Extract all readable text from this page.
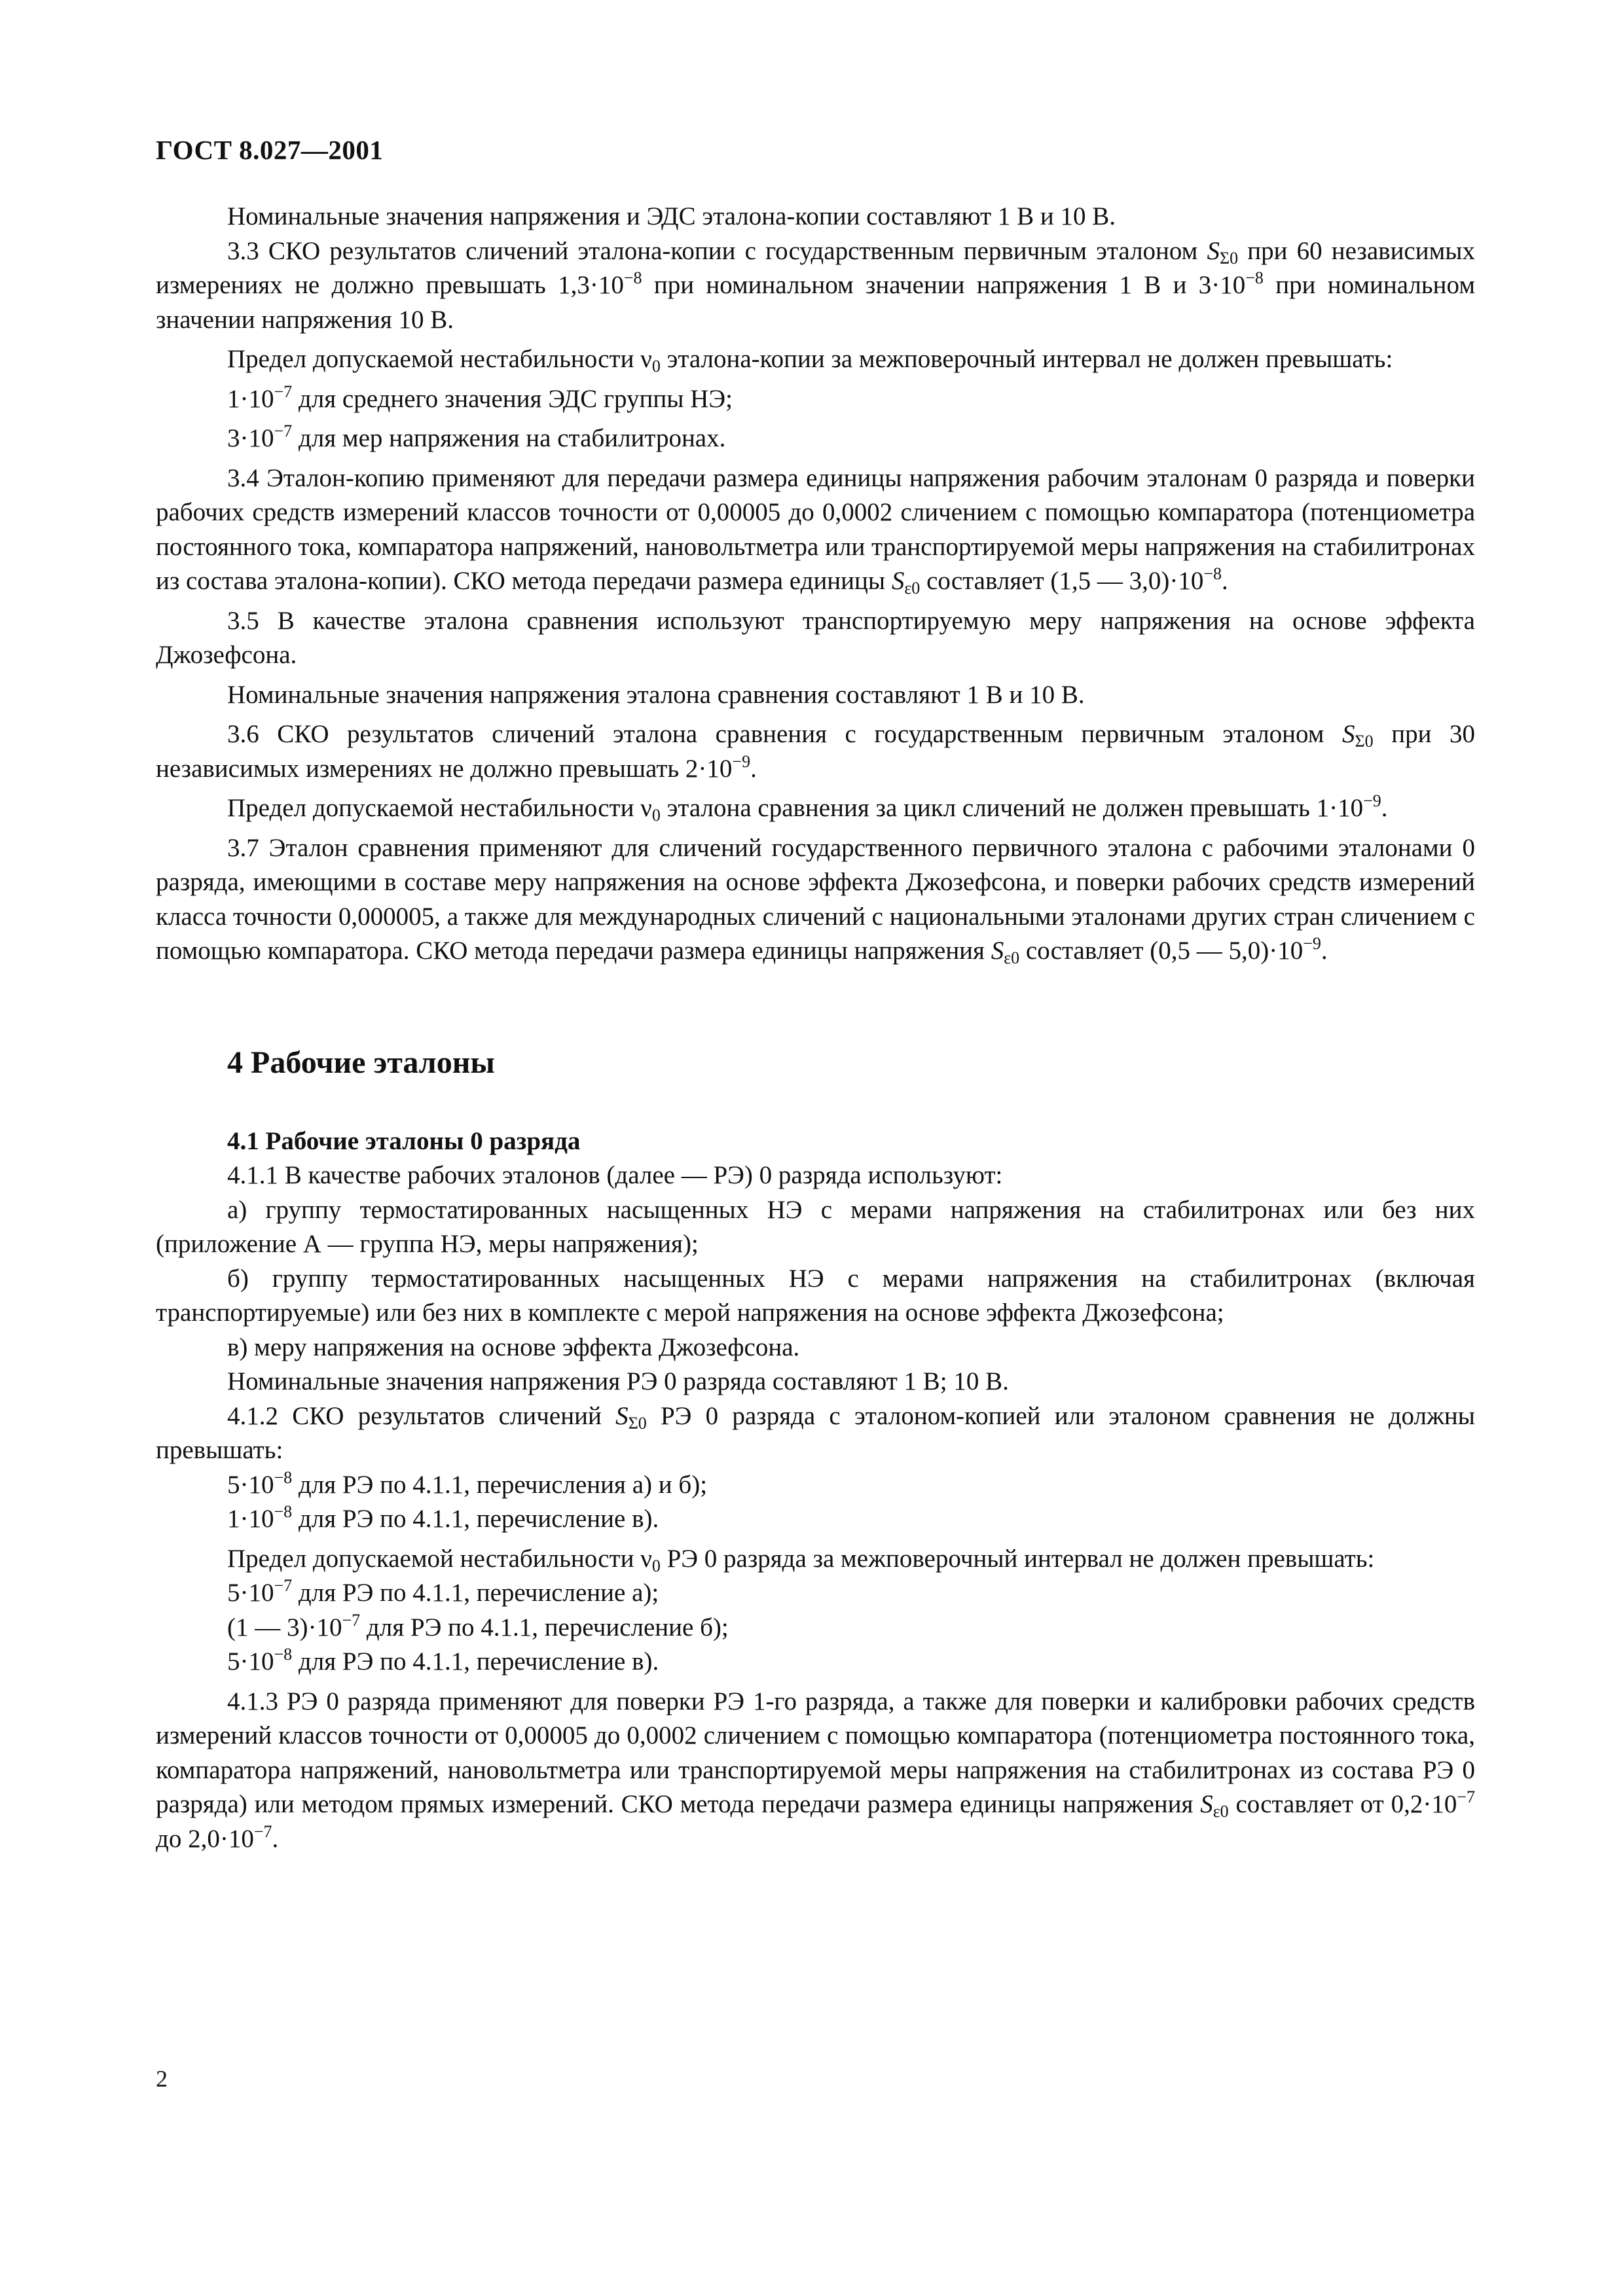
ГОСТ 8.027—2001

Номинальные значения напряжения и ЭДС эталона-копии составляют 1 В и 10 В.

3.3 СКО результатов сличений эталона-копии с государственным первичным эталоном $S_{\Sigma 0}$ при 60 независимых измерениях не должно превышать $1,3\cdot 10^{-8}$ при номинальном значении напряжения 1 В и $3\cdot 10^{-8}$ при номинальном значении напряжения 10 В.

Предел допускаемой нестабильности $\nu_0$ эталона-копии за межповерочный интервал не должен превышать:

$1\cdot 10^{-7}$ для среднего значения ЭДС группы НЭ;

$3\cdot 10^{-7}$ для мер напряжения на стабилитронах.

3.4 Эталон-копию применяют для передачи размера единицы напряжения рабочим эталонам 0 разряда и поверки рабочих средств измерений классов точности от 0,00005 до 0,0002 сличением с помощью компаратора (потенциометра постоянного тока, компаратора напряжений, нановольтметра или транспортируемой меры напряжения на стабилитронах из состава эталона-копии). СКО метода передачи размера единицы $S_{\varepsilon 0}$ составляет (1,5 — $3,0)\cdot 10^{-8}$.

3.5 В качестве эталона сравнения используют транспортируемую меру напряжения на основе эффекта Джозефсона.

Номинальные значения напряжения эталона сравнения составляют 1 В и 10 В.

3.6 СКО результатов сличений эталона сравнения с государственным первичным эталоном $S_{\Sigma 0}$ при 30 независимых измерениях не должно превышать $2\cdot 10^{-9}$.

Предел допускаемой нестабильности $\nu_0$ эталона сравнения за цикл сличений не должен превышать $1\cdot 10^{-9}$.

3.7 Эталон сравнения применяют для сличений государственного первичного эталона с рабочими эталонами 0 разряда, имеющими в составе меру напряжения на основе эффекта Джозефсона, и поверки рабочих средств измерений класса точности 0,000005, а также для международных сличений с национальными эталонами других стран сличением с помощью компаратора. СКО метода передачи размера единицы напряжения $S_{\varepsilon 0}$ составляет (0,5 — $5,0)\cdot 10^{-9}$.

4 Рабочие эталоны
4.1 Рабочие эталоны 0 разряда

4.1.1 В качестве рабочих эталонов (далее — РЭ) 0 разряда используют:

а) группу термостатированных насыщенных НЭ с мерами напряжения на стабилитронах или без них (приложение А — группа НЭ, меры напряжения);

б) группу термостатированных насыщенных НЭ с мерами напряжения на стабилитронах (включая транспортируемые) или без них в комплекте с мерой напряжения на основе эффекта Джозефсона;

в) меру напряжения на основе эффекта Джозефсона.

Номинальные значения напряжения РЭ 0 разряда составляют 1 В; 10 В.

4.1.2 СКО результатов сличений $S_{\Sigma 0}$ РЭ 0 разряда с эталоном-копией или эталоном сравнения не должны превышать:

$5\cdot 10^{-8}$ для РЭ по 4.1.1, перечисления а) и б);

$1\cdot 10^{-8}$ для РЭ по 4.1.1, перечисление в).

Предел допускаемой нестабильности $\nu_0$ РЭ 0 разряда за межповерочный интервал не должен превышать:

$5\cdot 10^{-7}$ для РЭ по 4.1.1, перечисление а);

(1 — $3)\cdot 10^{-7}$ для РЭ по 4.1.1, перечисление б);

$5\cdot 10^{-8}$ для РЭ по 4.1.1, перечисление в).

4.1.3 РЭ 0 разряда применяют для поверки РЭ 1-го разряда, а также для поверки и калибровки рабочих средств измерений классов точности от 0,00005 до 0,0002 сличением с помощью компаратора (потенциометра постоянного тока, компаратора напряжений, нановольтметра или транспортируемой меры напряжения на стабилитронах из состава РЭ 0 разряда) или методом прямых измерений. СКО метода передачи размера единицы напряжения $S_{\varepsilon 0}$ составляет от $0,2\cdot 10^{-7}$ до $2,0\cdot 10^{-7}$.

2
